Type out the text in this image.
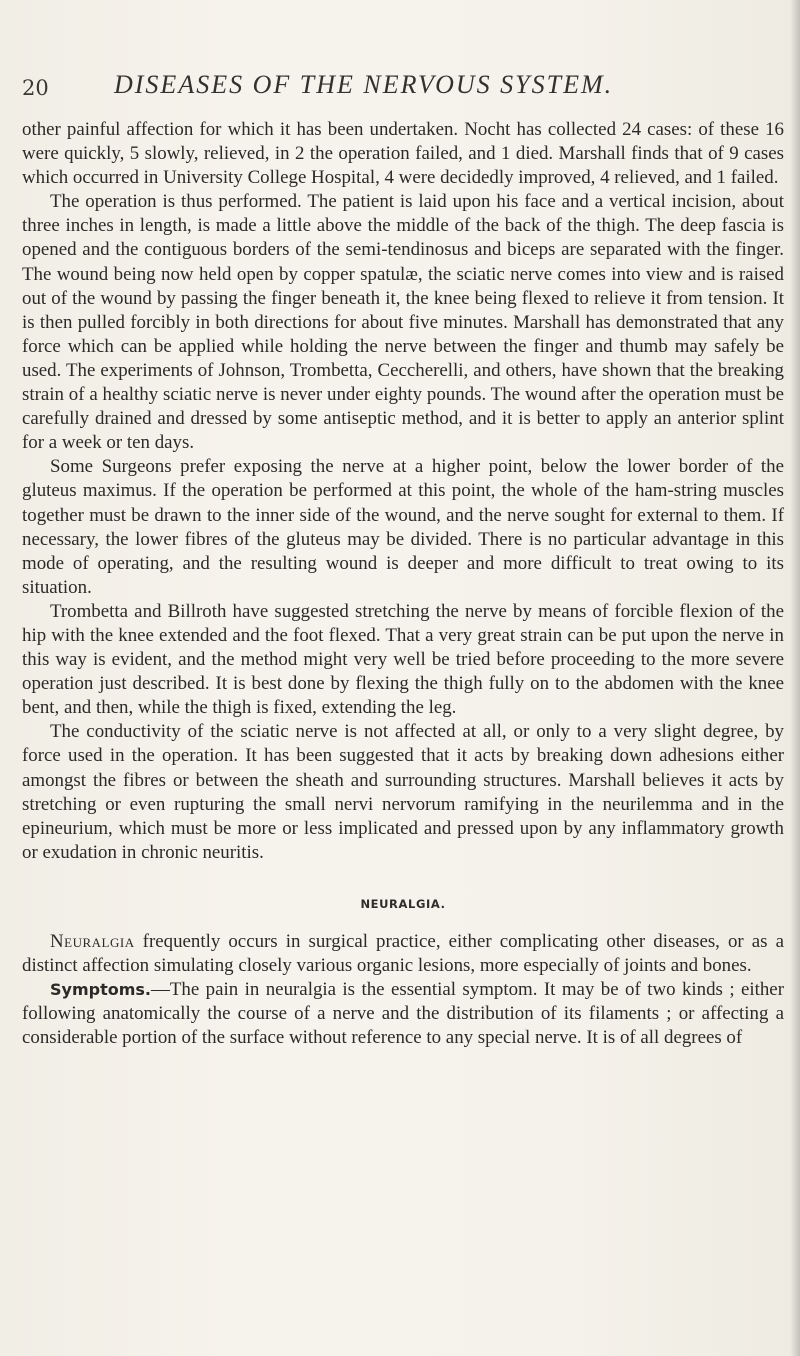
20	DISEASES OF THE NERVOUS SYSTEM.

other painful affection for which it has been undertaken. Nocht has collected 24 cases: of these 16 were quickly, 5 slowly, relieved, in 2 the operation failed, and 1 died. Marshall finds that of 9 cases which occurred in University College Hospital, 4 were decidedly improved, 4 relieved, and 1 failed.

The operation is thus performed. The patient is laid upon his face and a vertical incision, about three inches in length, is made a little above the middle of the back of the thigh. The deep fascia is opened and the contiguous borders of the semi-tendinosus and biceps are separated with the finger. The wound being now held open by copper spatulæ, the sciatic nerve comes into view and is raised out of the wound by passing the finger beneath it, the knee being flexed to relieve it from tension. It is then pulled forcibly in both directions for about five minutes. Marshall has demonstrated that any force which can be applied while holding the nerve between the finger and thumb may safely be used. The experiments of Johnson, Trombetta, Ceccherelli, and others, have shown that the breaking strain of a healthy sciatic nerve is never under eighty pounds. The wound after the operation must be carefully drained and dressed by some antiseptic method, and it is better to apply an anterior splint for a week or ten days.

Some Surgeons prefer exposing the nerve at a higher point, below the lower border of the gluteus maximus. If the operation be performed at this point, the whole of the ham-string muscles together must be drawn to the inner side of the wound, and the nerve sought for external to them. If necessary, the lower fibres of the gluteus may be divided. There is no particular advantage in this mode of operating, and the resulting wound is deeper and more difficult to treat owing to its situation.

Trombetta and Billroth have suggested stretching the nerve by means of forcible flexion of the hip with the knee extended and the foot flexed. That a very great strain can be put upon the nerve in this way is evident, and the method might very well be tried before proceeding to the more severe operation just described. It is best done by flexing the thigh fully on to the abdomen with the knee bent, and then, while the thigh is fixed, extending the leg.

The conductivity of the sciatic nerve is not affected at all, or only to a very slight degree, by force used in the operation. It has been suggested that it acts by breaking down adhesions either amongst the fibres or between the sheath and surrounding structures. Marshall believes it acts by stretching or even rupturing the small nervi nervorum ramifying in the neurilemma and in the epineurium, which must be more or less implicated and pressed upon by any inflammatory growth or exudation in chronic neuritis.

NEURALGIA.

Neuralgia frequently occurs in surgical practice, either complicating other diseases, or as a distinct affection simulating closely various organic lesions, more especially of joints and bones.

Symptoms.—The pain in neuralgia is the essential symptom. It may be of two kinds ; either following anatomically the course of a nerve and the distribution of its filaments ; or affecting a considerable portion of the surface without reference to any special nerve. It is of all degrees of
